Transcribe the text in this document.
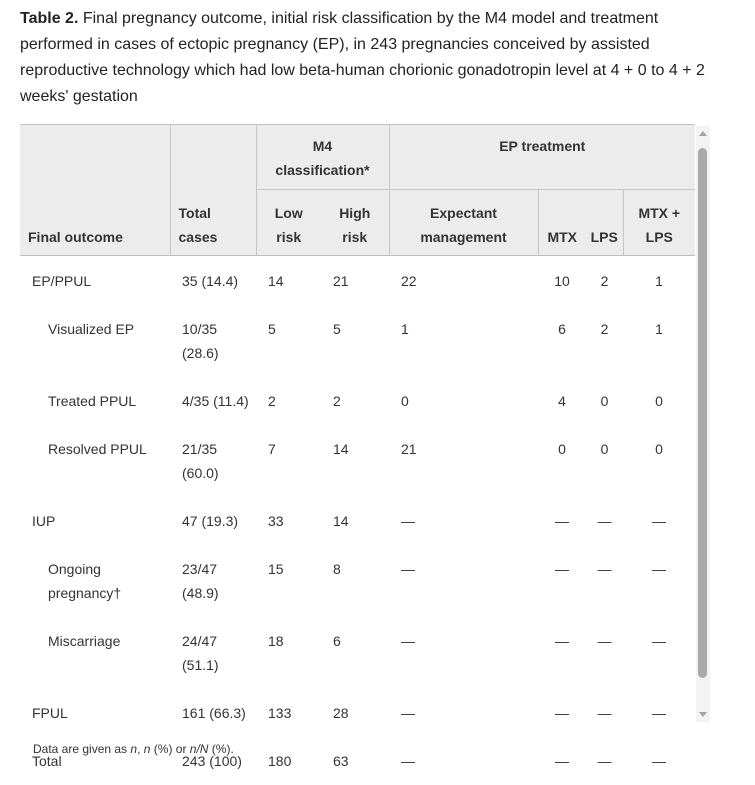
Table 2. Final pregnancy outcome, initial risk classification by the M4 model and treatment performed in cases of ectopic pregnancy (EP), in 243 pregnancies conceived by assisted reproductive technology which had low beta-human chorionic gonadotropin level at 4 + 0 to 4 + 2 weeks' gestation
		M4 classification*		EP treatment			
Final outcome	Total cases	Low risk	High risk	Expectant management	MTX	LPS	MTX + LPS
EP/PPUL	35 (14.4)	14	21	22	10	2	1
Visualized EP	10/35 (28.6)	5	5	1	6	2	1
Treated PPUL	4/35 (11.4)	2	2	0	4	0	0
Resolved PPUL	21/35 (60.0)	7	14	21	0	0	0
IUP	47 (19.3)	33	14	—	—	—	—
Ongoing pregnancy†	23/47 (48.9)	15	8	—	—	—	—
Miscarriage	24/47 (51.1)	18	6	—	—	—	—
FPUL	161 (66.3)	133	28	—	—	—	—
Total	243 (100)	180	63	—	—	—	—
Data are given as n, n (%) or n/N (%).
